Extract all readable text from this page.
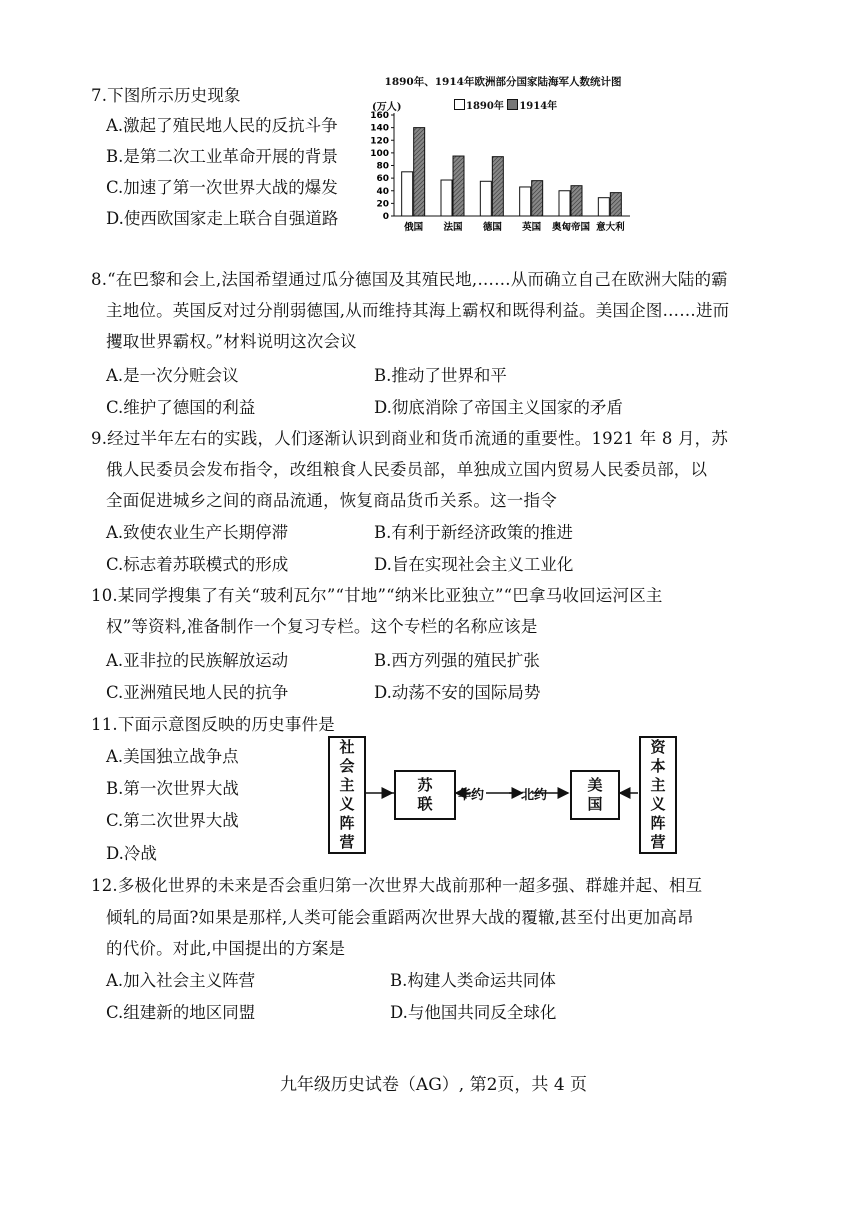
7.下图所示历史现象
A.激起了殖民地人民的反抗斗争
B.是第二次工业革命开展的背景
C.加速了第一次世界大战的爆发
D.使西欧国家走上联合自强道路	0
20
40
60
80
100
120
140
160
俄国 法国 德国 英国 奥匈帝国 意大利
1890年、1914年欧洲部分国家陆海军人数统计图
(万人)	1890年 1914年
8.“在巴黎和会上,法国希望通过瓜分德国及其殖民地,……从而确立自己在欧洲大陆的霸
主地位。英国反对过分削弱德国,从而维持其海上霸权和既得利益。美国企图……进而
攫取世界霸权。”材料说明这次会议
A.是一次分赃会议	B.推动了世界和平
C.维护了德国的利益	D.彻底消除了帝国主义国家的矛盾
9.经过半年左右的实践，人们逐渐认识到商业和货币流通的重要性。1921 年 8 月，苏
俄人民委员会发布指令，改组粮食人民委员部，单独成立国内贸易人民委员部，以
全面促进城乡之间的商品流通，恢复商品货币关系。这一指令
A.致使农业生产长期停滞	B.有利于新经济政策的推进
C.标志着苏联模式的形成	D.旨在实现社会主义工业化
10.某同学搜集了有关“玻利瓦尔”“甘地”“纳米比亚独立”“巴拿马收回运河区主
权”等资料,准备制作一个复习专栏。这个专栏的名称应该是
A.亚非拉的民族解放运动	B.西方列强的殖民扩张
C.亚洲殖民地人民的抗争	D.动荡不安的国际局势
11.下面示意图反映的历史事件是
A.美国独立战争点
B.第一次世界大战
C.第二次世界大战
D.冷战
社
会
主
义
阵
营
苏
联 华约	北约
美
国
资
本
主
义
阵
营
12.多极化世界的未来是否会重归第一次世界大战前那种一超多强、群雄并起、相互
倾轧的局面?如果是那样,人类可能会重蹈两次世界大战的覆辙,甚至付出更加高昂
的代价。对此,中国提出的方案是
A.加入社会主义阵营	B.构建人类命运共同体
C.组建新的地区同盟	D.与他国共同反全球化
九年级历史试卷（AG）, 第2页，共 4 页
